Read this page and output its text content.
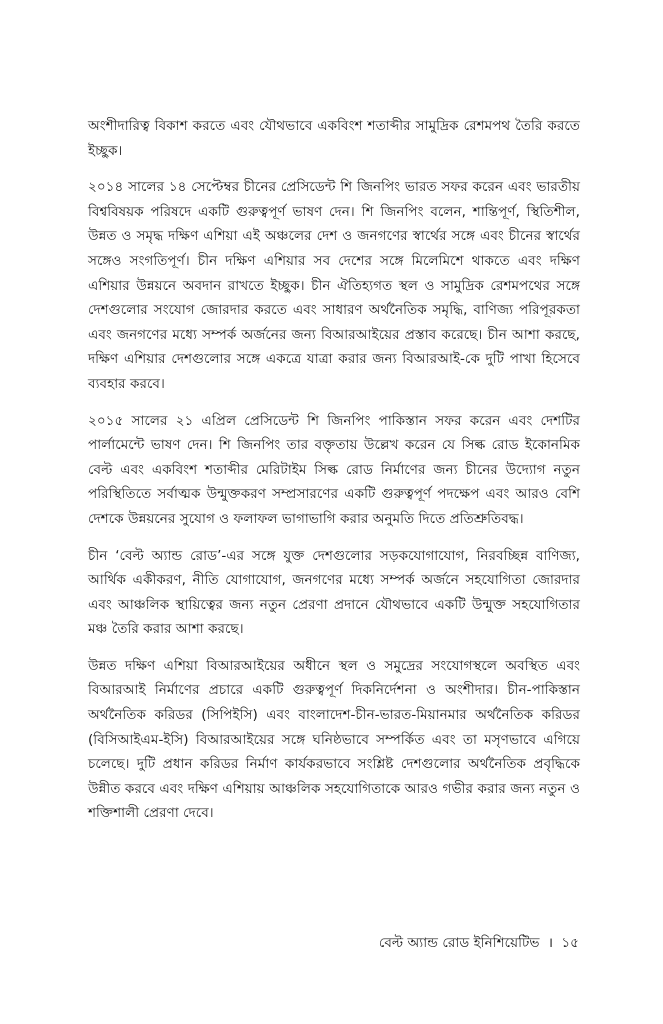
অংশীদারিত্ব বিকাশ করতে এবং যৌথভাবে একবিংশ শতাব্দীর সামুদ্রিক রেশমপথ তৈরি করতে ইচ্ছুক।

২০১৪ সালের ১৪ সেপ্টেম্বর চীনের প্রেসিডেন্ট শি জিনপিং ভারত সফর করেন এবং ভারতীয় বিশ্ববিষয়ক পরিষদে একটি গুরুত্বপূর্ণ ভাষণ দেন। শি জিনপিং বলেন, শান্তিপূর্ণ, স্থিতিশীল, উন্নত ও সমৃদ্ধ দক্ষিণ এশিয়া এই অঞ্চলের দেশ ও জনগণের স্বার্থের সঙ্গে এবং চীনের স্বার্থের সঙ্গেও সংগতিপূর্ণ। চীন দক্ষিণ এশিয়ার সব দেশের সঙ্গে মিলেমিশে থাকতে এবং দক্ষিণ এশিয়ার উন্নয়নে অবদান রাখতে ইচ্ছুক। চীন ঐতিহ্যগত স্থল ও সামুদ্রিক রেশমপথের সঙ্গে দেশগুলোর সংযোগ জোরদার করতে এবং সাধারণ অর্থনৈতিক সমৃদ্ধি, বাণিজ্য পরিপূরকতা এবং জনগণের মধ্যে সম্পর্ক অর্জনের জন্য বিআরআইয়ের প্রস্তাব করেছে। চীন আশা করছে, দক্ষিণ এশিয়ার দেশগুলোর সঙ্গে একত্রে যাত্রা করার জন্য বিআরআই-কে দুটি পাখা হিসেবে ব্যবহার করবে।

২০১৫ সালের ২১ এপ্রিল প্রেসিডেন্ট শি জিনপিং পাকিস্তান সফর করেন এবং দেশটির পার্লামেন্টে ভাষণ দেন। শি জিনপিং তার বক্তৃতায় উল্লেখ করেন যে সিল্ক রোড ইকোনমিক বেল্ট এবং একবিংশ শতাব্দীর মেরিটাইম সিল্ক রোড নির্মাণের জন্য চীনের উদ্যোগ নতুন পরিস্থিতিতে সর্বাত্মক উন্মুক্তকরণ সম্প্রসারণের একটি গুরুত্বপূর্ণ পদক্ষেপ এবং আরও বেশি দেশকে উন্নয়নের সুযোগ ও ফলাফল ভাগাভাগি করার অনুমতি দিতে প্রতিশ্রুতিবদ্ধ।

চীন ‘বেল্ট অ্যান্ড রোড’-এর সঙ্গে যুক্ত দেশগুলোর সড়কযোগাযোগ, নিরবচ্ছিন্ন বাণিজ্য, আর্থিক একীকরণ, নীতি যোগাযোগ, জনগণের মধ্যে সম্পর্ক অর্জনে সহযোগিতা জোরদার এবং আঞ্চলিক স্থায়িত্বের জন্য নতুন প্রেরণা প্রদানে যৌথভাবে একটি উন্মুক্ত সহযোগিতার মঞ্চ তৈরি করার আশা করছে।

উন্নত দক্ষিণ এশিয়া বিআরআইয়ের অধীনে স্থল ও সমুদ্রের সংযোগস্থলে অবস্থিত এবং বিআরআই নির্মাণের প্রচারে একটি গুরুত্বপূর্ণ দিকনির্দেশনা ও অংশীদার। চীন-পাকিস্তান অর্থনৈতিক করিডর (সিপিইসি) এবং বাংলাদেশ-চীন-ভারত-মিয়ানমার অর্থনৈতিক করিডর (বিসিআইএম-ইসি) বিআরআইয়ের সঙ্গে ঘনিষ্ঠভাবে সম্পর্কিত এবং তা মসৃণভাবে এগিয়ে চলেছে। দুটি প্রধান করিডর নির্মাণ কার্যকরভাবে সংশ্লিষ্ট দেশগুলোর অর্থনৈতিক প্রবৃদ্ধিকে উন্নীত করবে এবং দক্ষিণ এশিয়ায় আঞ্চলিক সহযোগিতাকে আরও গভীর করার জন্য নতুন ও শক্তিশালী প্রেরণা দেবে।

বেল্ট অ্যান্ড রোড ইনিশিয়েটিভ । ১৫
